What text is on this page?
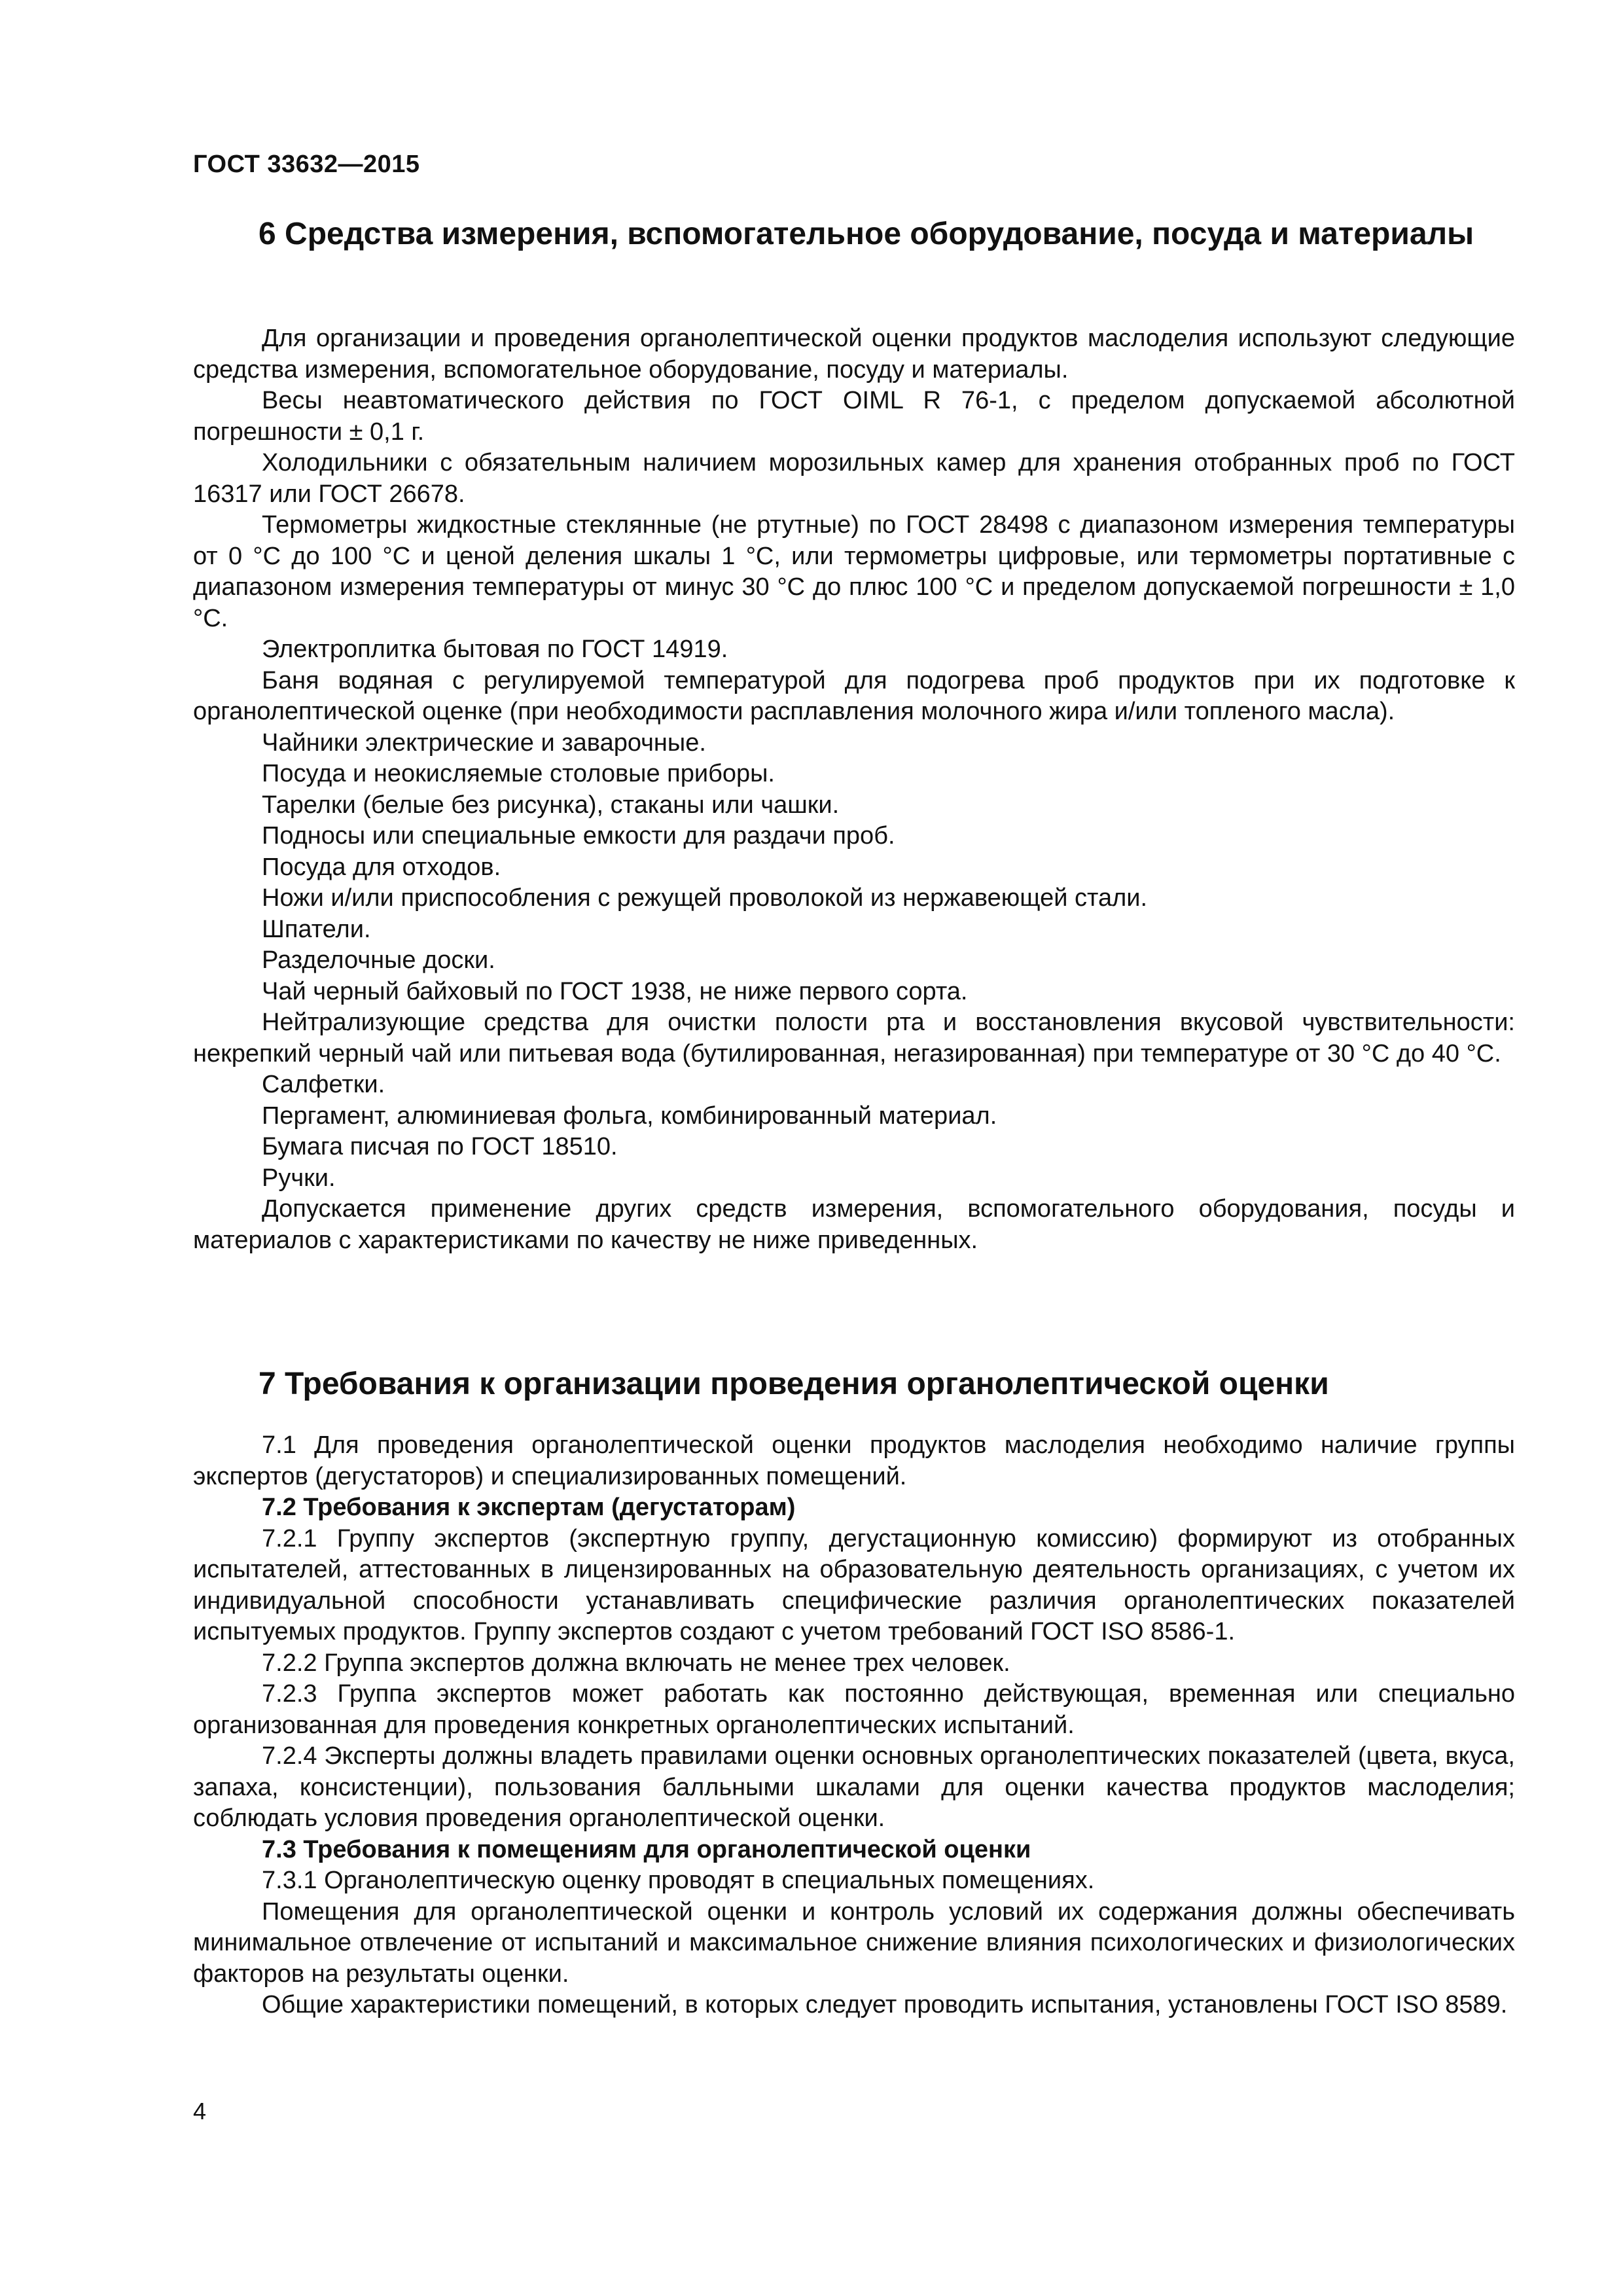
ГОСТ 33632—2015
6 Средства измерения, вспомогательное оборудование, посуда и материалы

Для организации и проведения органолептической оценки продуктов маслоделия используют следующие средства измерения, вспомогательное оборудование, посуду и материалы.

Весы неавтоматического действия по ГОСТ OIML R 76-1, с пределом допускаемой абсолютной погрешности ± 0,1 г.

Холодильники с обязательным наличием морозильных камер для хранения отобранных проб по ГОСТ 16317 или ГОСТ 26678.

Термометры жидкостные стеклянные (не ртутные) по ГОСТ 28498 с диапазоном измерения температуры от 0 °С до 100 °С и ценой деления шкалы 1 °С, или термометры цифровые, или термометры портативные с диапазоном измерения температуры от минус 30 °С до плюс 100 °С и пределом допускаемой погрешности ± 1,0 °С.

Электроплитка бытовая по ГОСТ 14919.

Баня водяная с регулируемой температурой для подогрева проб продуктов при их подготовке к органолептической оценке (при необходимости расплавления молочного жира и/или топленого масла).

Чайники электрические и заварочные.

Посуда и неокисляемые столовые приборы.

Тарелки (белые без рисунка), стаканы или чашки.

Подносы или специальные емкости для раздачи проб.

Посуда для отходов.

Ножи и/или приспособления с режущей проволокой из нержавеющей стали.

Шпатели.

Разделочные доски.

Чай черный байховый по ГОСТ 1938, не ниже первого сорта.

Нейтрализующие средства для очистки полости рта и восстановления вкусовой чувствительности: некрепкий черный чай или питьевая вода (бутилированная, негазированная) при температуре от 30 °С до 40 °С.

Салфетки.

Пергамент, алюминиевая фольга, комбинированный материал.

Бумага писчая по ГОСТ 18510.

Ручки.

Допускается применение других средств измерения, вспомогательного оборудования, посуды и материалов с характеристиками по качеству не ниже приведенных.

7 Требования к организации проведения органолептической оценки

7.1 Для проведения органолептической оценки продуктов маслоделия необходимо наличие группы экспертов (дегустаторов) и специализированных помещений.

7.2 Требования к экспертам (дегустаторам)

7.2.1 Группу экспертов (экспертную группу, дегустационную комиссию) формируют из отобранных испытателей, аттестованных в лицензированных на образовательную деятельность организациях, с учетом их индивидуальной способности устанавливать специфические различия органолептических показателей испытуемых продуктов. Группу экспертов создают с учетом требований ГОСТ ISO 8586-1.

7.2.2 Группа экспертов должна включать не менее трех человек.

7.2.3 Группа экспертов может работать как постоянно действующая, временная или специально организованная для проведения конкретных органолептических испытаний.

7.2.4 Эксперты должны владеть правилами оценки основных органолептических показателей (цвета, вкуса, запаха, консистенции), пользования балльными шкалами для оценки качества продуктов маслоделия; соблюдать условия проведения органолептической оценки.

7.3 Требования к помещениям для органолептической оценки

7.3.1 Органолептическую оценку проводят в специальных помещениях.

Помещения для органолептической оценки и контроль условий их содержания должны обеспечивать минимальное отвлечение от испытаний и максимальное снижение влияния психологических и физиологических факторов на результаты оценки.

Общие характеристики помещений, в которых следует проводить испытания, установлены ГОСТ ISO 8589.

4
